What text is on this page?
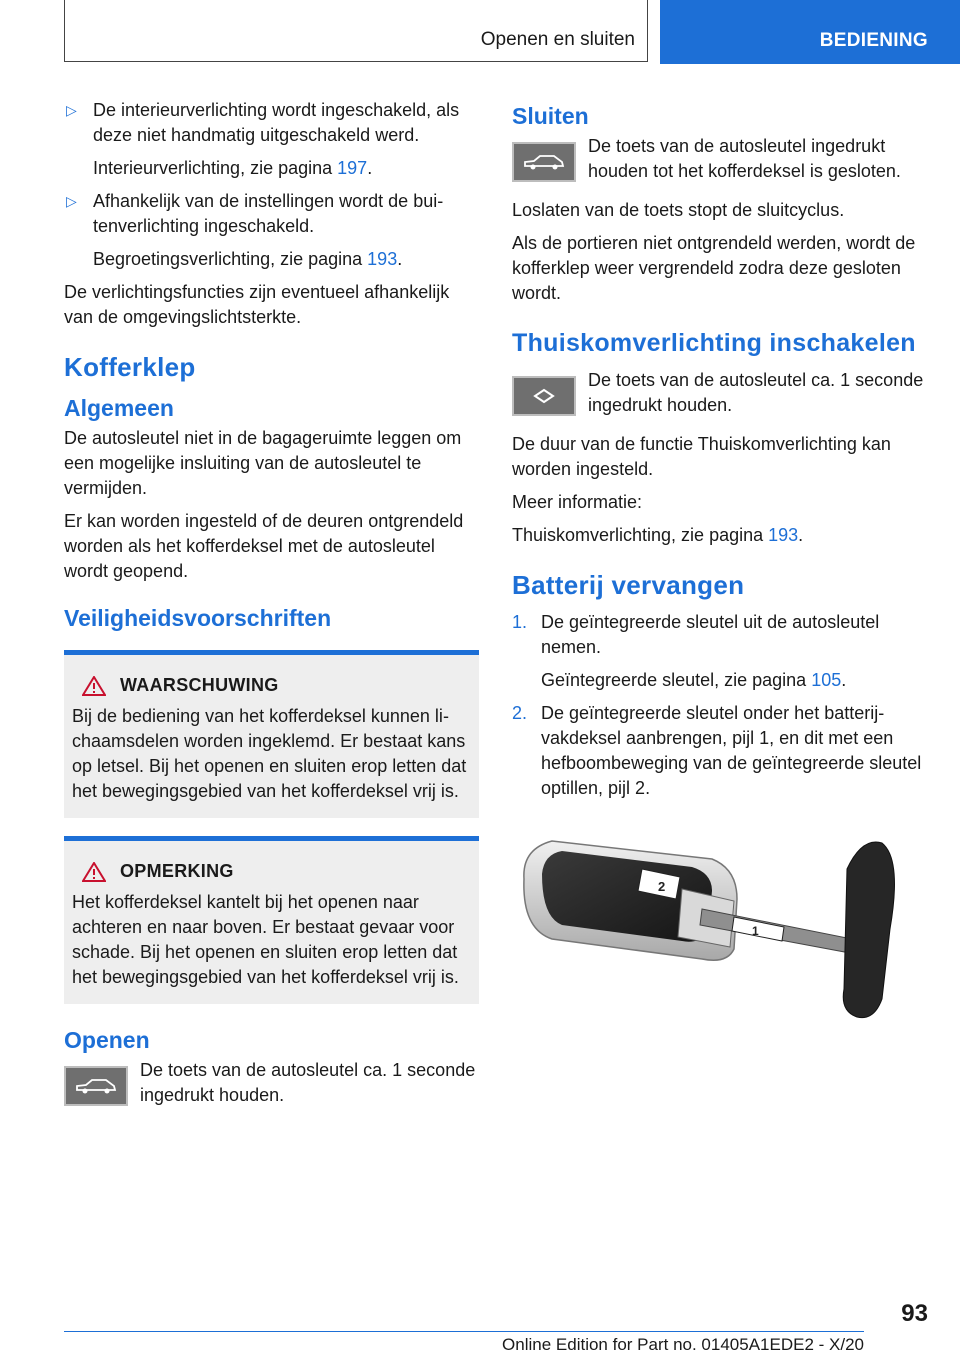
Openen en sluiten	BEDIENING
▷ De interieurverlichting wordt ingeschakeld, als deze niet handmatig uitgeschakeld werd.

Interieurverlichting, zie pagina 197.

▷ Afhankelijk van de instellingen wordt de buitenverlichting ingeschakeld.

Begroetingsverlichting, zie pagina 193.

De verlichtingsfuncties zijn eventueel afhankelijk van de omgevingslichtsterkte.

Kofferklep
Algemeen

De autosleutel niet in de bagageruimte leggen om een mogelijke insluiting van de autosleutel te vermijden.

Er kan worden ingesteld of de deuren ontgrendeld worden als het kofferdeksel met de autosleutel wordt geopend.

Veiligheidsvoorschriften
WAARSCHUWING

Bij de bediening van het kofferdeksel kunnen lichaamsdelen worden ingeklemd. Er bestaat kans op letsel. Bij het openen en sluiten erop letten dat het bewegingsgebied van het kofferdeksel vrij is.

OPMERKING

Het kofferdeksel kantelt bij het openen naar achteren en naar boven. Er bestaat gevaar voor schade. Bij het openen en sluiten erop letten dat het bewegingsgebied van het kofferdeksel vrij is.

Openen

De toets van de autosleutel ca. 1 seconde ingedrukt houden.

Sluiten

De toets van de autosleutel ingedrukt houden tot het kofferdeksel is gesloten.

Loslaten van de toets stopt de sluitcyclus.

Als de portieren niet ontgrendeld werden, wordt de kofferklep weer vergrendeld zodra deze gesloten wordt.

Thuiskomverlichting inschakelen

De toets van de autosleutel ca. 1 seconde ingedrukt houden.

De duur van de functie Thuiskomverlichting kan worden ingesteld.

Meer informatie:

Thuiskomverlichting, zie pagina 193.

Batterij vervangen
1. De geïntegreerde sleutel uit de autosleutel nemen.

Geïntegreerde sleutel, zie pagina 105.

2. De geïntegreerde sleutel onder het batterijvakdeksel aanbrengen, pijl 1, en dit met een hefboombeweging van de geïntegreerde sleutel optillen, pijl 2.

2
1
93
Online Edition for Part no. 01405A1EDE2 - X/20
